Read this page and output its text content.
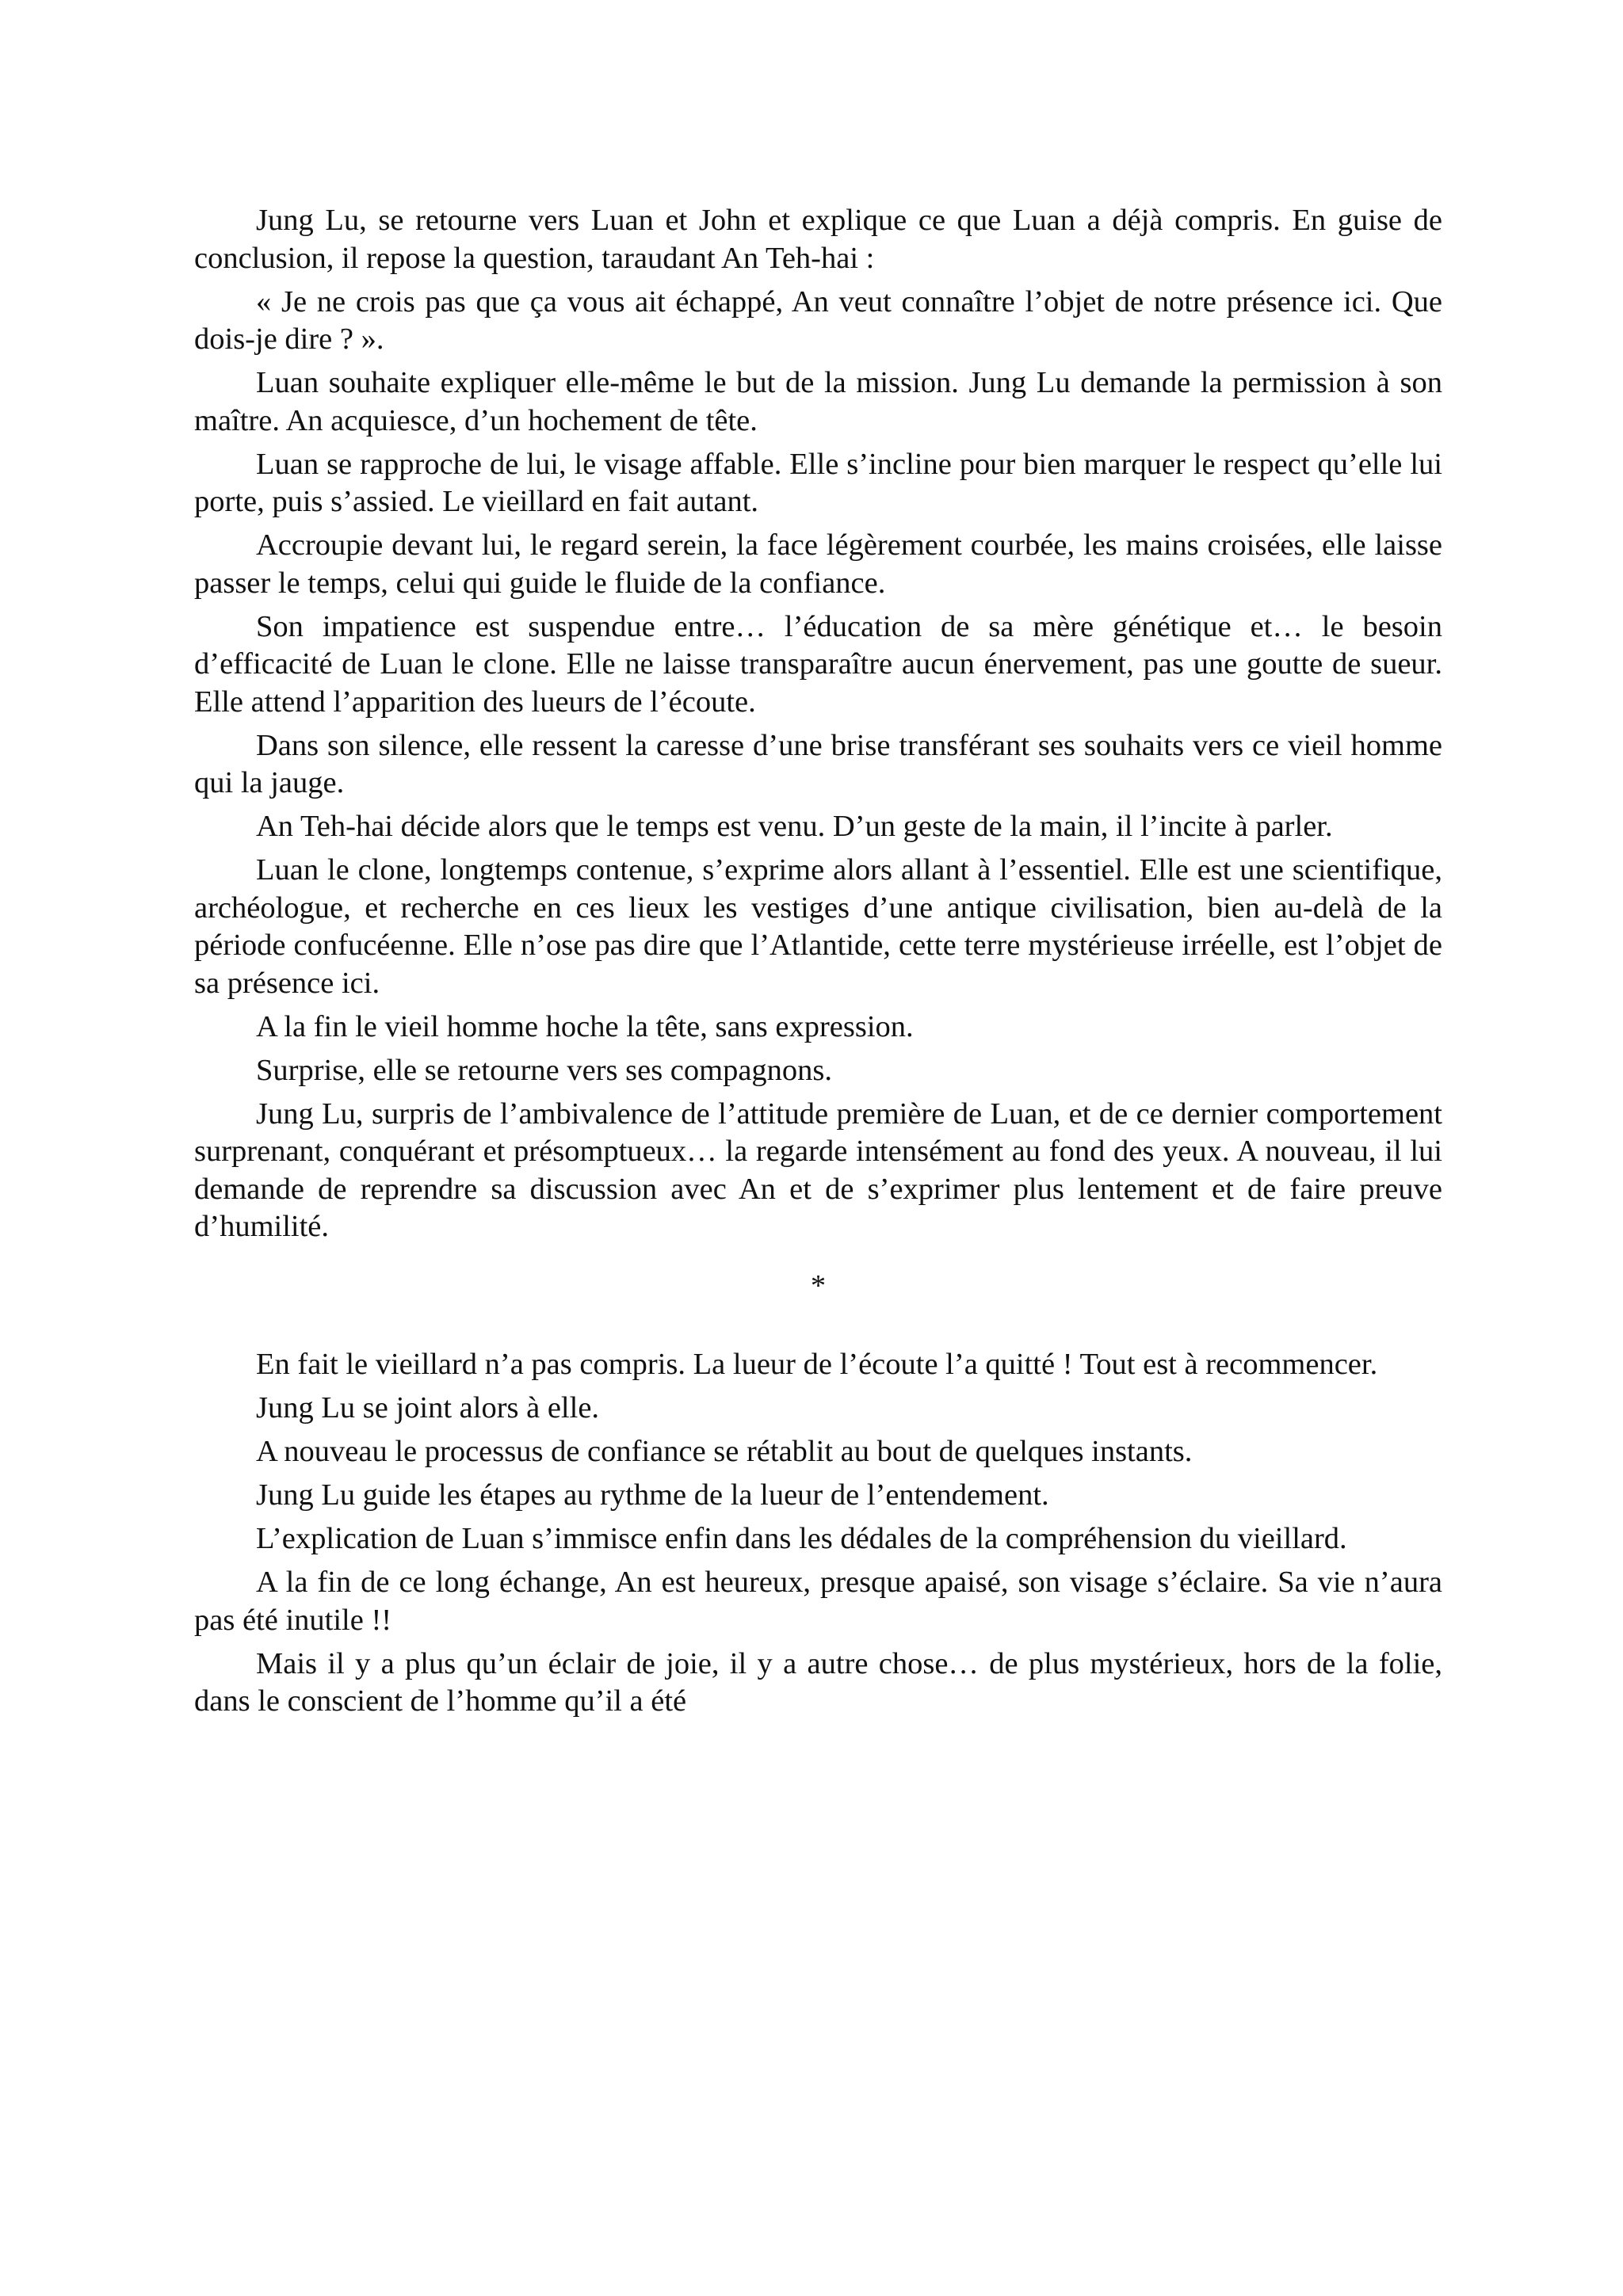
Jung Lu, se retourne vers Luan et John et explique ce que Luan a déjà compris. En guise de conclusion, il repose la question, taraudant An Teh-hai :

« Je ne crois pas que ça vous ait échappé, An veut connaître l’objet de notre présence ici. Que dois-je dire ? ».

Luan souhaite expliquer elle-même le but de la mission. Jung Lu demande la permission à son maître. An acquiesce, d’un hochement de tête.

Luan se rapproche de lui, le visage affable. Elle s’incline pour bien marquer le respect qu’elle lui porte, puis s’assied. Le vieillard en fait autant.

Accroupie devant lui, le regard serein, la face légèrement courbée, les mains croisées, elle laisse passer le temps, celui qui guide le fluide de la confiance.

Son impatience est suspendue entre… l’éducation de sa mère génétique et… le besoin d’efficacité de Luan le clone. Elle ne laisse transparaître aucun énervement, pas une goutte de sueur. Elle attend l’apparition des lueurs de l’écoute.

Dans son silence, elle ressent la caresse d’une brise transférant ses souhaits vers ce vieil homme qui la jauge.

An Teh-hai décide alors que le temps est venu. D’un geste de la main, il l’incite à parler.

Luan le clone, longtemps contenue, s’exprime alors allant à l’essentiel. Elle est une scientifique, archéologue, et recherche en ces lieux les vestiges d’une antique civilisation, bien au-delà de la période confucéenne. Elle n’ose pas dire que l’Atlantide, cette terre mystérieuse irréelle, est l’objet de sa présence ici.

A la fin le vieil homme hoche la tête, sans expression.

Surprise, elle se retourne vers ses compagnons.

Jung Lu, surpris de l’ambivalence de l’attitude première de Luan, et de ce dernier comportement surprenant, conquérant et présomptueux… la regarde intensément au fond des yeux. A nouveau, il lui demande de reprendre sa discussion avec An et de s’exprimer plus lentement et de faire preuve d’humilité.

*

En fait le vieillard n’a pas compris. La lueur de l’écoute l’a quitté ! Tout est à recommencer.

Jung Lu se joint alors à elle.

A nouveau le processus de confiance se rétablit au bout de quelques instants.

Jung Lu guide les étapes au rythme de la lueur de l’entendement.

L’explication de Luan s’immisce enfin dans les dédales de la compréhension du vieillard.

A la fin de ce long échange, An est heureux, presque apaisé, son visage s’éclaire. Sa vie n’aura pas été inutile !!

Mais il y a plus qu’un éclair de joie, il y a autre chose… de plus mystérieux, hors de la folie, dans le conscient de l’homme qu’il a été
